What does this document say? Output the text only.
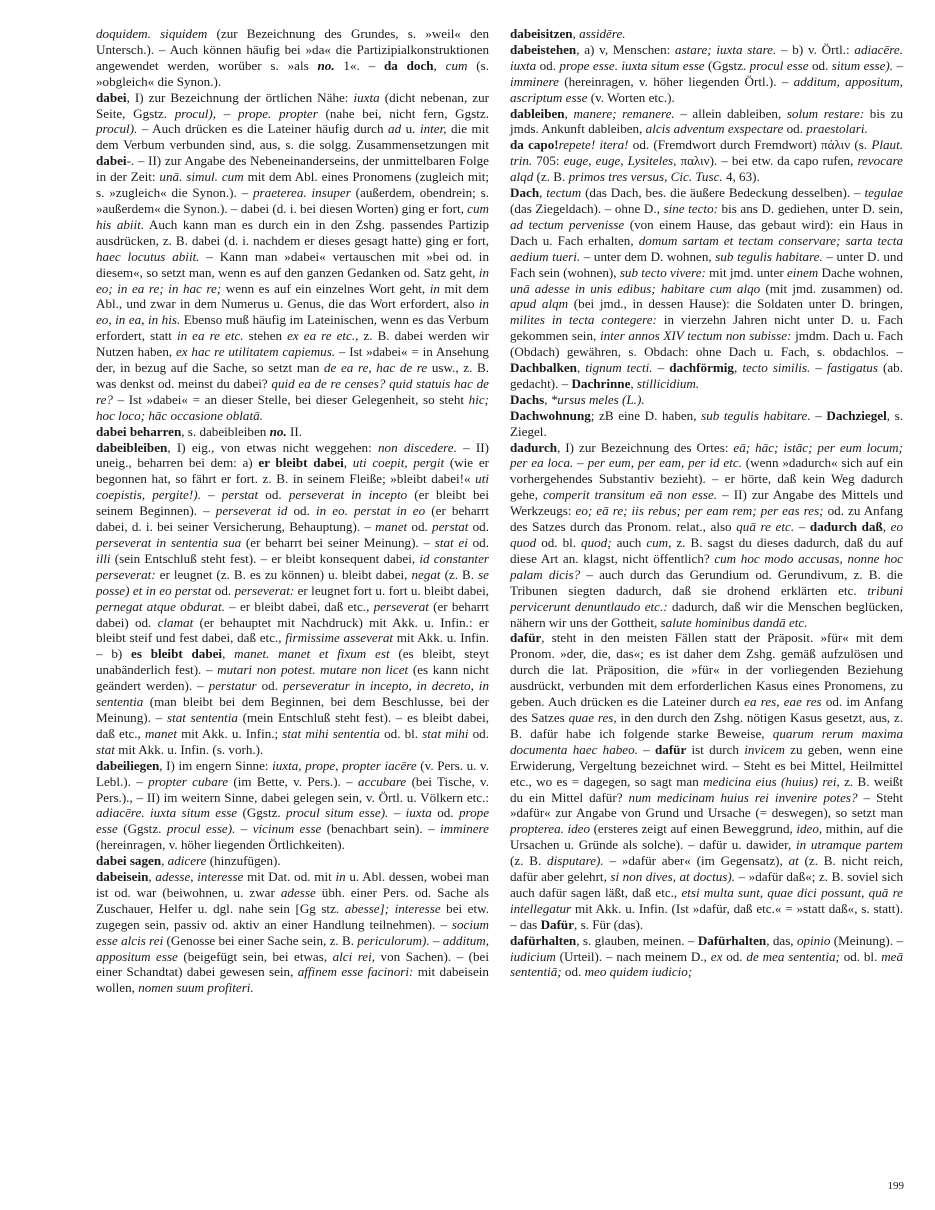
doquidem. siquidem (zur Bezeichnung des Grundes, s. »weil« den Untersch.). – Auch können häufig bei »da« die Partizipialkonstruktionen angewendet werden, worüber s. »als no. 1«. – da doch, cum (s. »obgleich« die Synon.).

dabei, I) zur Bezeichnung der örtlichen Nähe: iuxta (dicht nebenan, zur Seite, Ggstz. procul), – prope. propter (nahe bei, nicht fern, Ggstz. procul). – Auch drücken es die Lateiner häufig durch ad u. inter, die mit dem Verbum verbunden sind, aus, s. die solgg. Zusammensetzungen mit dabei-. – II) zur Angabe des Nebeneinanderseins, der unmittelbaren Folge in der Zeit: unā. simul. cum mit dem Abl. eines Pronomens (zugleich mit; s. »zugleich« die Synon.). – praeterea. insuper (außerdem, obendrein; s. »außerdem« die Synon.). – dabei (d. i. bei diesen Worten) ging er fort, cum his abiit. Auch kann man es durch ein in den Zshg. passendes Partizip ausdrücken, z. B. dabei (d. i. nachdem er dieses gesagt hatte) ging er fort, haec locutus abiit. – Kann man »dabei« vertauschen mit »bei od. in diesem«, so setzt man, wenn es auf den ganzen Gedanken od. Satz geht, in eo; in ea re; in hac re; wenn es auf ein einzelnes Wort geht, in mit dem Abl., und zwar in dem Numerus u. Genus, die das Wort erfordert, also in eo, in ea, in his. Ebenso muß häufig im Lateinischen, wenn es das Verbum erfordert, statt in ea re etc. stehen ex ea re etc., z. B. dabei werden wir Nutzen haben, ex hac re utilitatem capiemus. – Ist »dabei« = in Ansehung der, in bezug auf die Sache, so setzt man de ea re, hac de re usw., z. B. was denkst od. meinst du dabei? quid ea de re censes? quid statuis hac de re? – Ist »dabei« = an dieser Stelle, bei dieser Gelegenheit, so steht hic; hoc loco; hāc occasione oblatā.

dabei beharren, s. dabeibleiben no. II.

dabeibleiben, I) eig., von etwas nicht weggehen: non discedere. – II) uneig., beharren bei dem: a) er bleibt dabei, uti coepit, pergit (wie er begonnen hat, so fährt er fort. z. B. in seinem Fleiße; »bleibt dabei!« uti coepistis, pergite!). – perstat od. perseverat in incepto (er bleibt bei seinem Beginnen). – perseverat id od. in eo. perstat in eo (er beharrt dabei, d. i. bei seiner Versicherung, Behauptung). – manet od. perstat od. perseverat in sententia sua (er beharrt bei seiner Meinung). – stat ei od. illi (sein Entschluß steht fest). – er bleibt konsequent dabei, id constanter perseverat: er leugnet (z. B. es zu können) u. bleibt dabei, negat (z. B. se posse) et in eo perstat od. perseverat: er leugnet fort u. fort u. bleibt dabei, pernegat atque obdurat. – er bleibt dabei, daß etc., perseverat (er beharrt dabei) od. clamat (er behauptet mit Nachdruck) mit Akk. u. Infin.: er bleibt steif und fest dabei, daß etc., firmissime asseverat mit Akk. u. Infin. – b) es bleibt dabei, manet. manet et fixum est (es bleibt, steyt unabänderlich fest). – mutari non potest. mutare non licet (es kann nicht geändert werden). – perstatur od. perseveratur in incepto, in decreto, in sententia (man bleibt bei dem Beginnen, bei dem Beschlusse, bei der Meinung). – stat sententia (mein Entschluß steht fest). – es bleibt dabei, daß etc., manet mit Akk. u. Infin.; stat mihi sententia od. bl. stat mihi od. stat mit Akk. u. Infin. (s. vorh.).

dabeiliegen, I) im engern Sinne: iuxta, prope, propter iacēre (v. Pers. u. v. Lebl.). – propter cubare (im Bette, v. Pers.). – accubare (bei Tische, v. Pers.)., – II) im weitern Sinne, dabei gelegen sein, v. Örtl. u. Völkern etc.: adiacēre. iuxta situm esse (Ggstz. procul situm esse). – iuxta od. prope esse (Ggstz. procul esse). – vicinum esse (benachbart sein). – imminere (hereinragen, v. höher liegenden Örtlichkeiten).

dabei sagen, adicere (hinzufügen).

dabeisein, adesse, interesse mit Dat. od. mit in u. Abl. dessen, wobei man ist od. war (beiwohnen, u. zwar adesse übh. einer Pers. od. Sache als Zuschauer, Helfer u. dgl. nahe sein [Gg stz. abesse]; interesse bei etw. zugegen sein, passiv od. aktiv an einer Handlung teilnehmen). – socium esse alcis rei (Genosse bei einer Sache sein, z. B. periculorum). – additum, appositum esse (beigefügt sein, bei etwas, alci rei, von Sachen). – (bei einer Schandtat) dabei gewesen sein, affinem esse facinori: mit dabeisein wollen, nomen suum profiteri.

dabeisitzen, assidēre.

dabeistehen, a) v, Menschen: astare; iuxta stare. – b) v. Örtl.: adiacēre. iuxta od. prope esse. iuxta situm esse (Ggstz. procul esse od. situm esse). – imminere (hereinragen, v. höher liegenden Örtl.). – additum, appositum, ascriptum esse (v. Worten etc.).

dableiben, manere; remanere. – allein dableiben, solum restare: bis zu jmds. Ankunft dableiben, alcis adventum exspectare od. praestolari.

da capo!repete! itera! od. (Fremdwort durch Fremdwort) πάλιν (s. Plaut. trin. 705: euge, euge, Lysiteles, παλιν). – bei etw. da capo rufen, revocare alqd (z. B. primos tres versus, Cic. Tusc. 4, 63).

Dach, tectum (das Dach, bes. die äußere Bedeckung desselben). – tegulae (das Ziegeldach). – ohne D., sine tecto: bis ans D. gediehen, unter D. sein, ad tectum pervenisse (von einem Hause, das gebaut wird): ein Haus in Dach u. Fach erhalten, domum sartam et tectam conservare; sarta tecta aedium tueri. – unter dem D. wohnen, sub tegulis habitare. – unter D. und Fach sein (wohnen), sub tecto vivere: mit jmd. unter einem Dache wohnen, unā adesse in unis edibus; habitare cum alqo (mit jmd. zusammen) od. apud alqm (bei jmd., in dessen Hause): die Soldaten unter D. bringen, milites in tecta contegere: in vierzehn Jahren nicht unter D. u. Fach gekommen sein, inter annos XIV tectum non subisse: jmdm. Dach u. Fach (Obdach) gewähren, s. Obdach: ohne Dach u. Fach, s. obdachlos. – Dachbalken, tignum tecti. – dachförmig, tecto similis. – fastigatus (ab. gedacht). – Dachrinne, stillicidium.

Dachs, *ursus meles (L.).

Dachwohnung; zB eine D. haben, sub tegulis habitare. – Dachziegel, s. Ziegel.

dadurch, I) zur Bezeichnung des Ortes: eā; hāc; istāc; per eum locum; per ea loca. – per eum, per eam, per id etc. (wenn »dadurch« sich auf ein vorhergehendes Substantiv bezieht). – er hörte, daß kein Weg dadurch gehe, comperit transitum eā non esse. – II) zur Angabe des Mittels und Werkzeugs: eo; eā re; iis rebus; per eam rem; per eas res; od. zu Anfang des Satzes durch das Pronom. relat., also quā re etc. – dadurch daß, eo quod od. bl. quod; auch cum, z. B. sagst du dieses dadurch, daß du auf diese Art an. klagst, nicht öffentlich? cum hoc modo accusas, nonne hoc palam dicis? – auch durch das Gerundium od. Gerundivum, z. B. die Tribunen siegten dadurch, daß sie drohend erklärten etc. tribuni pervicerunt denuntlaudo etc.: dadurch, daß wir die Menschen beglücken, nähern wir uns der Gottheit, salute hominibus dandā etc.

dafür, steht in den meisten Fällen statt der Präposit. »für« mit dem Pronom. »der, die, das«; es ist daher dem Zshg. gemäß aufzulösen und durch die lat. Präposition, die »für« in der vorliegenden Beziehung ausdrückt, verbunden mit dem erforderlichen Kasus eines Pronomens, zu geben. Auch drücken es die Lateiner durch ea res, eae res od. im Anfang des Satzes quae res, in den durch den Zshg. nötigen Kasus gesetzt, aus, z. B. dafür habe ich folgende starke Beweise, quarum rerum maxima documenta haec habeo. – dafür ist durch invicem zu geben, wenn eine Erwiderung, Vergeltung bezeichnet wird. – Steht es bei Mittel, Heilmittel etc., wo es = dagegen, so sagt man medicina eius (huius) rei, z. B. weißt du ein Mittel dafür? num medicinam huius rei invenire potes? – Steht »dafür« zur Angabe von Grund und Ursache (= deswegen), so setzt man propterea. ideo (ersteres zeigt auf einen Beweggrund, ideo, mithin, auf die Ursachen u. Gründe als solche). – dafür u. dawider, in utramque partem (z. B. disputare). – »dafür aber« (im Gegensatz), at (z. B. nicht reich, dafür aber gelehrt, si non dives, at doctus). – »dafür daß«; z. B. soviel sich auch dafür sagen läßt, daß etc., etsi multa sunt, quae dici possunt, quā re intellegatur mit Akk. u. Infin. (Ist »dafür, daß etc.« = »statt daß«, s. statt). – das Dafür, s. Für (das).

dafürhalten, s. glauben, meinen. – Dafürhalten, das, opinio (Meinung). – iudicium (Urteil). – nach meinem D., ex od. de mea sententia; od. bl. meā sententiā; od. meo quidem iudicio;

199
